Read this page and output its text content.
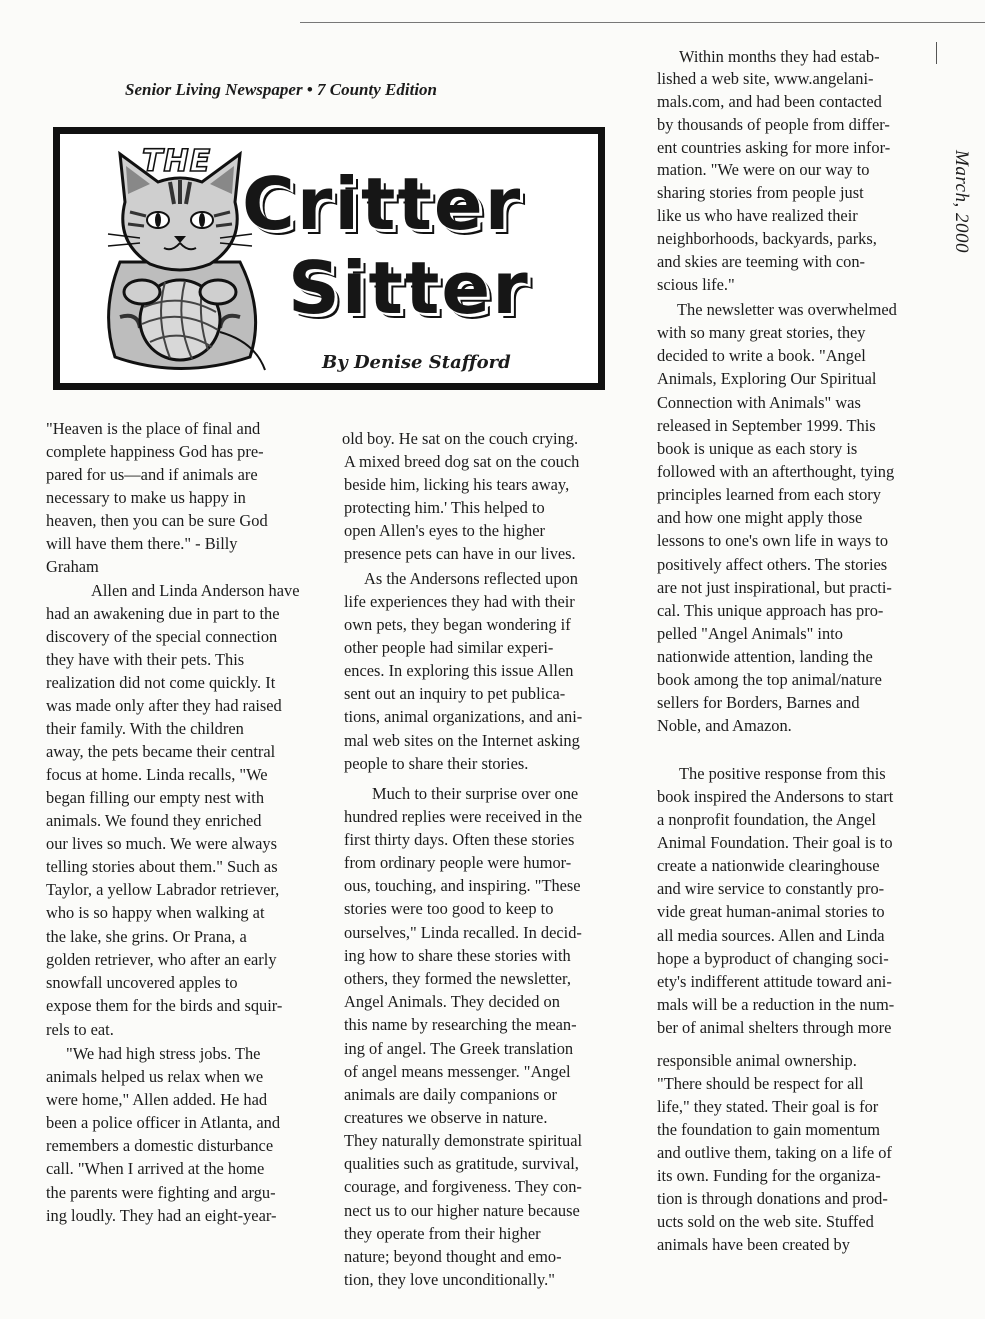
Senior Living Newspaper • 7 County Edition
March, 2000
THE
Critter
Sitter
By Denise Stafford
"Heaven is the place of final and
complete happiness God has pre-
pared for us—and if animals are
necessary to make us happy in
heaven, then you can be sure God
will have them there." - Billy
Graham
Allen and Linda Anderson have
had an awakening due in part to the
discovery of the special connection
they have with their pets. This
realization did not come quickly. It
was made only after they had raised
their family. With the children
away, the pets became their central
focus at home. Linda recalls, "We
began filling our empty nest with
animals. We found they enriched
our lives so much. We were always
telling stories about them." Such as
Taylor, a yellow Labrador retriever,
who is so happy when walking at
the lake, she grins. Or Prana, a
golden retriever, who after an early
snowfall uncovered apples to
expose them for the birds and squir-
rels to eat.
"We had high stress jobs. The
animals helped us relax when we
were home," Allen added. He had
been a police officer in Atlanta, and
remembers a domestic disturbance
call. "When I arrived at the home
the parents were fighting and argu-
ing loudly. They had an eight-year-
old boy. He sat on the couch crying.
A mixed breed dog sat on the couch
beside him, licking his tears away,
protecting him.' This helped to
open Allen's eyes to the higher
presence pets can have in our lives.
As the Andersons reflected upon
life experiences they had with their
own pets, they began wondering if
other people had similar experi-
ences. In exploring this issue Allen
sent out an inquiry to pet publica-
tions, animal organizations, and ani-
mal web sites on the Internet asking
people to share their stories.
Much to their surprise over one
hundred replies were received in the
first thirty days. Often these stories
from ordinary people were humor-
ous, touching, and inspiring. "These
stories were too good to keep to
ourselves," Linda recalled. In decid-
ing how to share these stories with
others, they formed the newsletter,
Angel Animals. They decided on
this name by researching the mean-
ing of angel. The Greek translation
of angel means messenger. "Angel
animals are daily companions or
creatures we observe in nature.
They naturally demonstrate spiritual
qualities such as gratitude, survival,
courage, and forgiveness. They con-
nect us to our higher nature because
they operate from their higher
nature; beyond thought and emo-
tion, they love unconditionally."
Within months they had estab-
lished a web site, www.angelani-
mals.com, and had been contacted
by thousands of people from differ-
ent countries asking for more infor-
mation. "We were on our way to
sharing stories from people just
like us who have realized their
neighborhoods, backyards, parks,
and skies are teeming with con-
scious life."
The newsletter was overwhelmed
with so many great stories, they
decided to write a book. "Angel
Animals, Exploring Our Spiritual
Connection with Animals" was
released in September 1999. This
book is unique as each story is
followed with an afterthought, tying
principles learned from each story
and how one might apply those
lessons to one's own life in ways to
positively affect others. The stories
are not just inspirational, but practi-
cal. This unique approach has pro-
pelled "Angel Animals" into
nationwide attention, landing the
book among the top animal/nature
sellers for Borders, Barnes and
Noble, and Amazon.
The positive response from this
book inspired the Andersons to start
a nonprofit foundation, the Angel
Animal Foundation. Their goal is to
create a nationwide clearinghouse
and wire service to constantly pro-
vide great human-animal stories to
all media sources. Allen and Linda
hope a byproduct of changing soci-
ety's indifferent attitude toward ani-
mals will be a reduction in the num-
ber of animal shelters through more
responsible animal ownership.
"There should be respect for all
life," they stated. Their goal is for
the foundation to gain momentum
and outlive them, taking on a life of
its own. Funding for the organiza-
tion is through donations and prod-
ucts sold on the web site. Stuffed
animals have been created by
